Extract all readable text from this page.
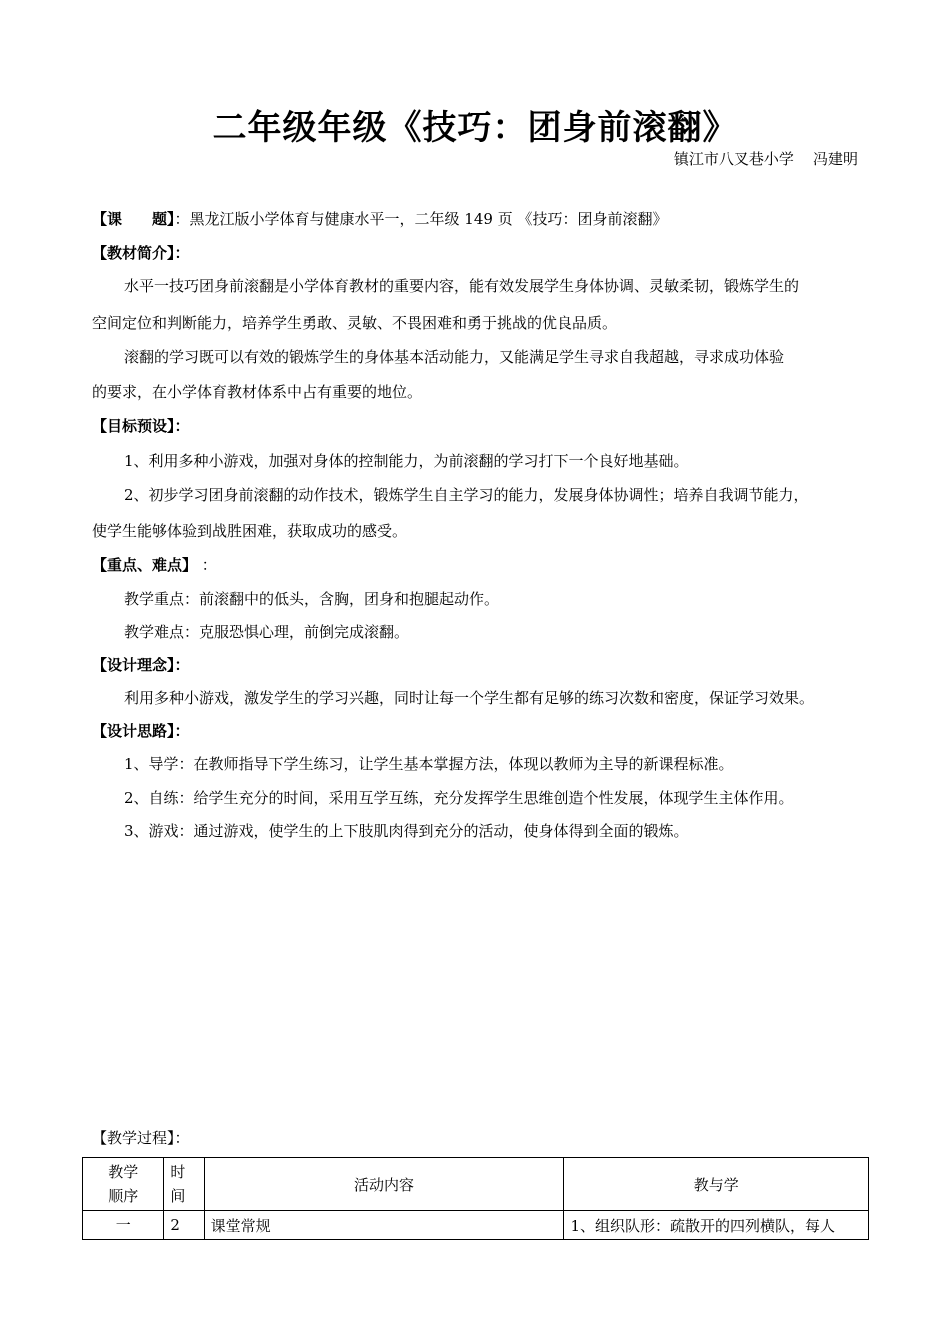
二年级年级《技巧：团身前滚翻》
镇江市八叉巷小学    冯建明
【课　　题】：黑龙江版小学体育与健康水平一，二年级 149 页 《技巧：团身前滚翻》
【教材简介】：
水平一技巧团身前滚翻是小学体育教材的重要内容，能有效发展学生身体协调、灵敏柔韧，锻炼学生的
空间定位和判断能力，培养学生勇敢、灵敏、不畏困难和勇于挑战的优良品质。
滚翻的学习既可以有效的锻炼学生的身体基本活动能力，又能满足学生寻求自我超越，寻求成功体验
的要求，在小学体育教材体系中占有重要的地位。
【目标预设】：
1、利用多种小游戏，加强对身体的控制能力，为前滚翻的学习打下一个良好地基础。
2、初步学习团身前滚翻的动作技术，锻炼学生自主学习的能力，发展身体协调性；培养自我调节能力，
使学生能够体验到战胜困难，获取成功的感受。
【重点、难点】 ：
教学重点：前滚翻中的低头，含胸，团身和抱腿起动作。
教学难点：克服恐惧心理，前倒完成滚翻。
【设计理念】：
利用多种小游戏，激发学生的学习兴趣，同时让每一个学生都有足够的练习次数和密度，保证学习效果。
【设计思路】：
1、导学：在教师指导下学生练习，让学生基本掌握方法，体现以教师为主导的新课程标准。
2、自练：给学生充分的时间，采用互学互练，充分发挥学生思维创造个性发展，体现学生主体作用。
3、游戏：通过游戏，使学生的上下肢肌肉得到充分的活动，使身体得到全面的锻炼。
【教学过程】：
教学
顺序	时
间	活动内容	教与学
一	2	课堂常规	1、组织队形：疏散开的四列横队，每人
